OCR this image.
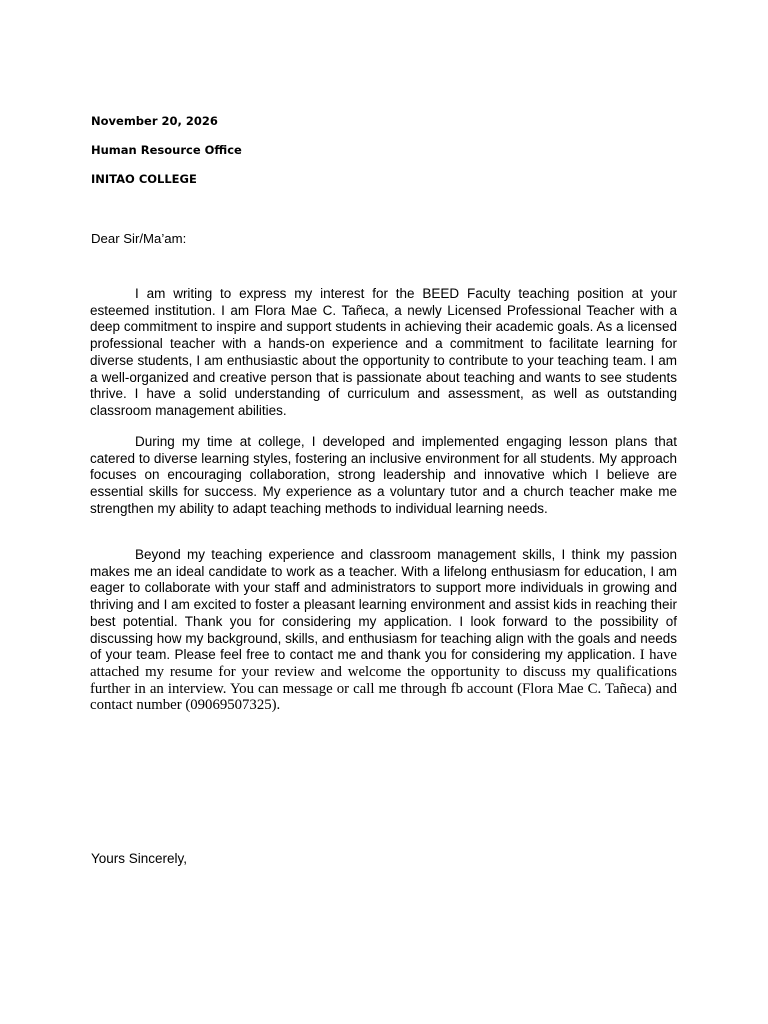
November 20, 2026
Human Resource Office
INITAO COLLEGE
Dear Sir/Ma’am:

I am writing to express my interest for the BEED Faculty teaching position at your esteemed institution. I am Flora Mae C. Tañeca, a newly Licensed Professional Teacher with a deep commitment to inspire and support students in achieving their academic goals. As a licensed professional teacher with a hands-on experience and a commitment to facilitate learning for diverse students, I am enthusiastic about the opportunity to contribute to your teaching team. I am a well-organized and creative person that is passionate about teaching and wants to see students thrive. I have a solid understanding of curriculum and assessment, as well as outstanding classroom management abilities.

During my time at college, I developed and implemented engaging lesson plans that catered to diverse learning styles, fostering an inclusive environment for all students. My approach focuses on encouraging collaboration, strong leadership and innovative which I believe are essential skills for success. My experience as a voluntary tutor and a church teacher make me strengthen my ability to adapt teaching methods to individual learning needs.

Beyond my teaching experience and classroom management skills, I think my passion makes me an ideal candidate to work as a teacher. With a lifelong enthusiasm for education, I am eager to collaborate with your staff and administrators to support more individuals in growing and thriving and I am excited to foster a pleasant learning environment and assist kids in reaching their best potential. Thank you for considering my application. I look forward to the possibility of discussing how my background, skills, and enthusiasm for teaching align with the goals and needs of your team. Please feel free to contact me and thank you for considering my application. I have attached my resume for your review and welcome the opportunity to discuss my qualifications further in an interview. You can message or call me through fb account (Flora Mae C. Tañeca) and contact number (09069507325).

Yours Sincerely,
